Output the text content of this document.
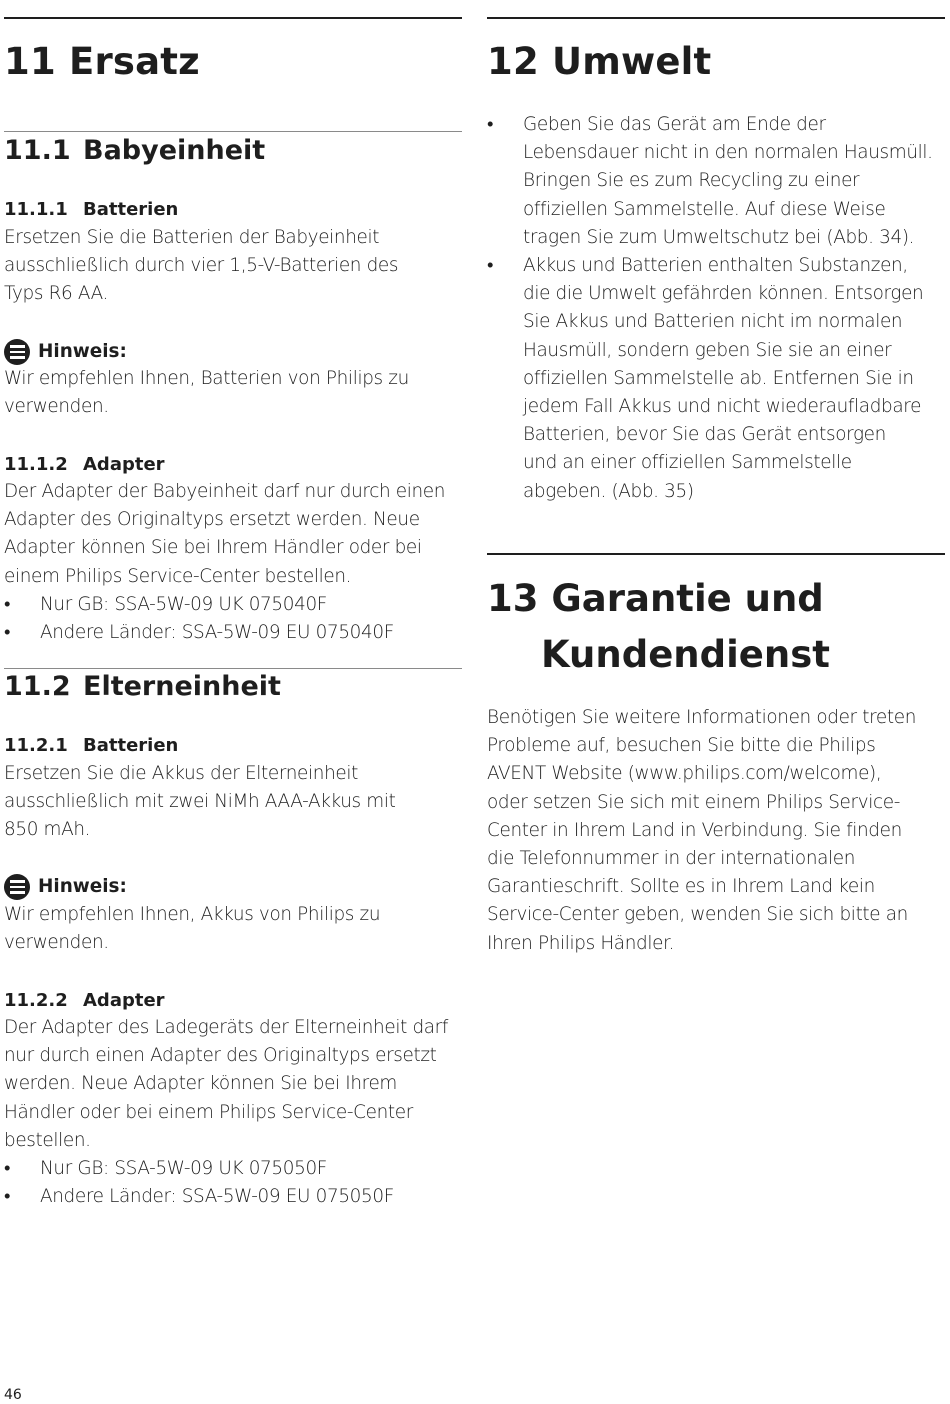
11 Ersatz
11.1 Babyeinheit
11.1.1 Batterien

Ersetzen Sie die Batterien der Babyeinheit

ausschließlich durch vier 1,5-V-Batterien des

Typs R6 AA.

Hinweis:

Wir empfehlen Ihnen, Batterien von Philips zu

verwenden.

11.1.2 Adapter

Der Adapter der Babyeinheit darf nur durch einen

Adapter des Originaltyps ersetzt werden. Neue

Adapter können Sie bei Ihrem Händler oder bei

einem Philips Service-Center bestellen.

• Nur GB: SSA-5W-09 UK 075040F
• Andere Länder: SSA-5W-09 EU 075040F
11.2 Elterneinheit
11.2.1 Batterien

Ersetzen Sie die Akkus der Elterneinheit

ausschließlich mit zwei NiMh AAA-Akkus mit

850 mAh.

Hinweis:

Wir empfehlen Ihnen, Akkus von Philips zu

verwenden.

11.2.2 Adapter

Der Adapter des Ladegeräts der Elterneinheit darf

nur durch einen Adapter des Originaltyps ersetzt

werden. Neue Adapter können Sie bei Ihrem

Händler oder bei einem Philips Service-Center

bestellen.

• Nur GB: SSA-5W-09 UK 075050F
• Andere Länder: SSA-5W-09 EU 075050F
12 Umwelt
• Geben Sie das Gerät am Ende der
Lebensdauer nicht in den normalen Hausmüll.
Bringen Sie es zum Recycling zu einer
offiziellen Sammelstelle. Auf diese Weise
tragen Sie zum Umweltschutz bei (Abb. 34).
• Akkus und Batterien enthalten Substanzen,
die die Umwelt gefährden können. Entsorgen
Sie Akkus und Batterien nicht im normalen
Hausmüll, sondern geben Sie sie an einer
offiziellen Sammelstelle ab. Entfernen Sie in
jedem Fall Akkus und nicht wiederaufladbare
Batterien, bevor Sie das Gerät entsorgen
und an einer offiziellen Sammelstelle
abgeben. (Abb. 35)
13 Garantie und
Kundendienst

Benötigen Sie weitere Informationen oder treten

Probleme auf, besuchen Sie bitte die Philips

AVENT Website (www.philips.com/welcome),

oder setzen Sie sich mit einem Philips Service-

Center in Ihrem Land in Verbindung. Sie finden

die Telefonnummer in der internationalen

Garantieschrift. Sollte es in Ihrem Land kein

Service-Center geben, wenden Sie sich bitte an

Ihren Philips Händler.

46
